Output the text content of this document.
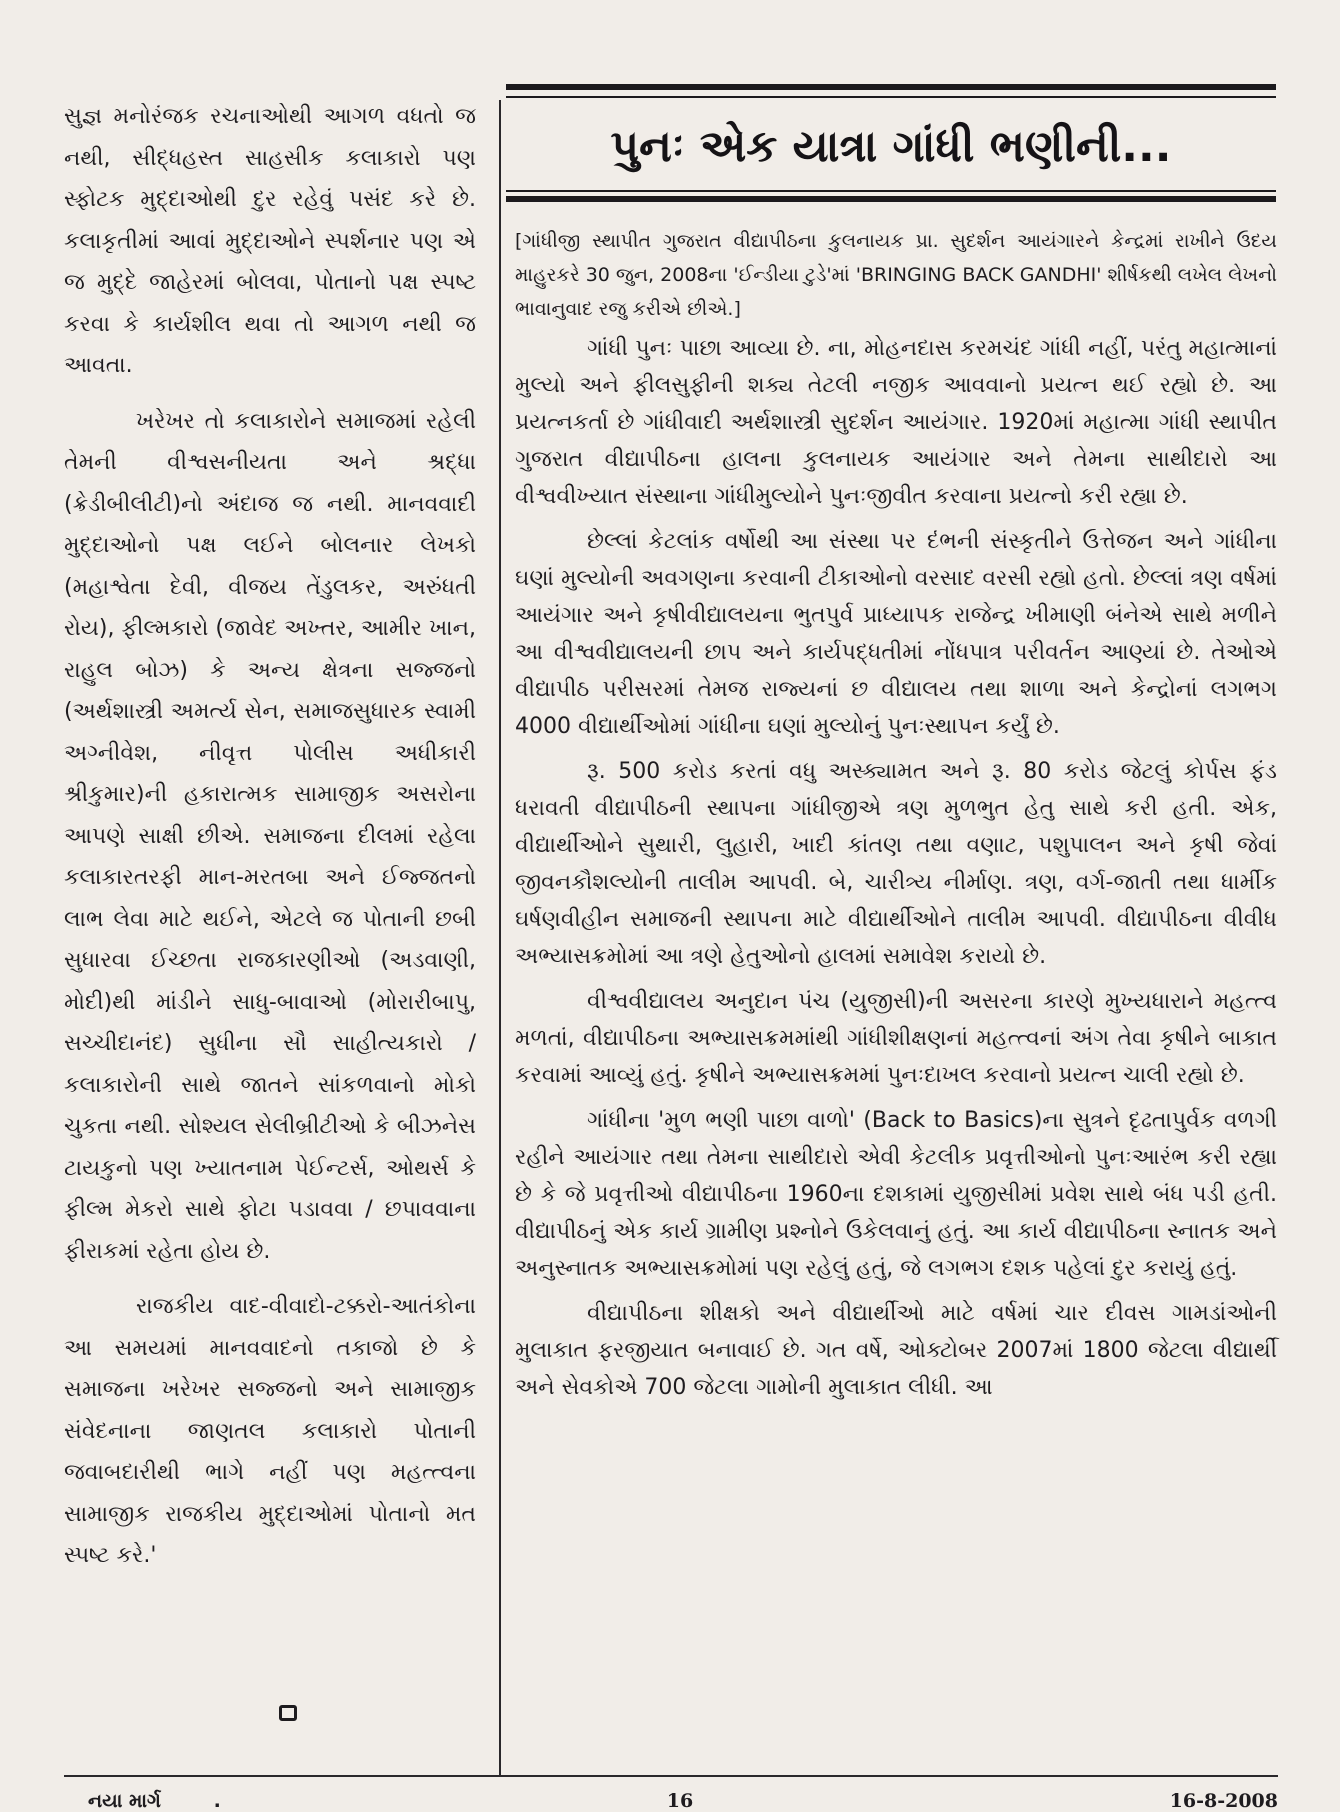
સુજ્ઞ મનોરંજક રચનાઓથી આગળ વધતો જ નથી, સીદ્ધહસ્ત સાહસીક કલાકારો પણ સ્ફોટક મુદ્દાઓથી દુર રહેવું પસંદ કરે છે. કલાકૃતીમાં આવાં મુદ્દાઓને સ્પર્શનાર પણ એ જ મુદ્દે જાહેરમાં બોલવા, પોતાનો પક્ષ સ્પષ્ટ કરવા કે કાર્યશીલ થવા તો આગળ નથી જ આવતા.

ખરેખર તો કલાકારોને સમાજમાં રહેલી તેમની વીશ્વસનીયતા અને શ્રદ્ધા (ક્રેડીબીલીટી)નો અંદાજ જ નથી. માનવવાદી મુદ્દાઓનો પક્ષ લઈને બોલનાર લેખકો (મહાશ્વેતા દેવી, વીજય તેંડુલકર, અરુંધતી રોય), ફીલ્મકારો (જાવેદ અખ્તર, આમીર ખાન, રાહુલ બોઝ) કે અન્ય ક્ષેત્રના સજ્જનો (અર્થશાસ્ત્રી અમર્ત્ય સેન, સમાજસુધારક સ્વામી અગ્નીવેશ, નીવૃત્ત પોલીસ અધીકારી શ્રીકુમાર)ની હકારાત્મક સામાજીક અસરોના આપણે સાક્ષી છીએ. સમાજના દીલમાં રહેલા કલાકારતરફી માન-મરતબા અને ઈજ્જતનો લાભ લેવા માટે થઈને, એટલે જ પોતાની છબી સુધારવા ઈચ્છતા રાજકારણીઓ (અડવાણી, મોદી)થી માંડીને સાધુ-બાવાઓ (મોરારીબાપુ, સચ્ચીદાનંદ) સુધીના સૌ સાહીત્યકારો / કલાકારોની સાથે જાતને સાંકળવાનો મોકો ચુકતા નથી. સોશ્યલ સેલીબ્રીટીઓ કે બીઝનેસ ટાયકુનો પણ ખ્યાતનામ પેઈન્ટર્સ, ઓથર્સ કે ફીલ્મ મેકરો સાથે ફોટા પડાવવા / છપાવવાના ફીરાકમાં રહેતા હોય છે.

રાજકીય વાદ-વીવાદો-ટક્કરો-આતંકોના આ સમયમાં માનવવાદનો તકાજો છે કે સમાજના ખરેખર સજ્જનો અને સામાજીક સંવેદનાના જાણતલ કલાકારો પોતાની જવાબદારીથી ભાગે નહીં પણ મહત્ત્વના સામાજીક રાજકીય મુદ્દાઓમાં પોતાનો મત સ્પષ્ટ કરે.'

પુનઃ એક યાત્રા ગાંધી ભણીની...
[ગાંધીજી સ્થાપીત ગુજરાત વીદ્યાપીઠના કુલનાયક પ્રા. સુદર્શન આયંગારને કેન્દ્રમાં રાખીને ઉદય માહુરકરે 30 જુન, 2008ના 'ઈન્ડીયા ટુડે'માં 'BRINGING BACK GANDHI' શીર્ષકથી લખેલ લેખનો ભાવાનુવાદ રજુ કરીએ છીએ.]

ગાંધી પુનઃ પાછા આવ્યા છે. ના, મોહનદાસ કરમચંદ ગાંધી નહીં, પરંતુ મહાત્માનાં મુલ્યો અને ફીલસુફીની શક્ય તેટલી નજીક આવવાનો પ્રયત્ન થઈ રહ્યો છે. આ પ્રયત્નકર્તા છે ગાંધીવાદી અર્થશાસ્ત્રી સુદર્શન આયંગાર. 1920માં મહાત્મા ગાંધી સ્થાપીત ગુજરાત વીદ્યાપીઠના હાલના કુલનાયક આયંગાર અને તેમના સાથીદારો આ વીશ્વવીખ્યાત સંસ્થાના ગાંધીમુલ્યોને પુનઃજીવીત કરવાના પ્રયત્નો કરી રહ્યા છે.

છેલ્લાં કેટલાંક વર્ષોથી આ સંસ્થા પર દંભની સંસ્કૃતીને ઉત્તેજન અને ગાંધીના ઘણાં મુલ્યોની અવગણના કરવાની ટીકાઓનો વરસાદ વરસી રહ્યો હતો. છેલ્લાં ત્રણ વર્ષમાં આયંગાર અને કૃષીવીદ્યાલયના ભુતપુર્વ પ્રાધ્યાપક રાજેન્દ્ર ખીમાણી બંનેએ સાથે મળીને આ વીશ્વવીદ્યાલયની છાપ અને કાર્યપદ્ધતીમાં નોંધપાત્ર પરીવર્તન આણ્યાં છે. તેઓએ વીદ્યાપીઠ પરીસરમાં તેમજ રાજ્યનાં છ વીદ્યાલય તથા શાળા અને કેન્દ્રોનાં લગભગ 4000 વીદ્યાર્થીઓમાં ગાંધીના ઘણાં મુલ્યોનું પુનઃસ્થાપન કર્યું છે.

રૂ. 500 કરોડ કરતાં વધુ અસ્ક્યામત અને રૂ. 80 કરોડ જેટલું કોર્પસ ફંડ ધરાવતી વીદ્યાપીઠની સ્થાપના ગાંધીજીએ ત્રણ મુળભુત હેતુ સાથે કરી હતી. એક, વીદ્યાર્થીઓને સુથારી, લુહારી, ખાદી કાંતણ તથા વણાટ, પશુપાલન અને કૃષી જેવાં જીવનકૌશલ્યોની તાલીમ આપવી. બે, ચારીત્ર્ય નીર્માણ. ત્રણ, વર્ગ-જાતી તથા ધાર્મીક ઘર્ષણવીહીન સમાજની સ્થાપના માટે વીદ્યાર્થીઓને તાલીમ આપવી. વીદ્યાપીઠના વીવીધ અભ્યાસક્રમોમાં આ ત્રણે હેતુઓનો હાલમાં સમાવેશ કરાયો છે.

વીશ્વવીદ્યાલય અનુદાન પંચ (યુજીસી)ની અસરના કારણે મુખ્યધારાને મહત્ત્વ મળતાં, વીદ્યાપીઠના અભ્યાસક્રમમાંથી ગાંધીશીક્ષણનાં મહત્ત્વનાં અંગ તેવા કૃષીને બાકાત કરવામાં આવ્યું હતું. કૃષીને અભ્યાસક્રમમાં પુનઃદાખલ કરવાનો પ્રયત્ન ચાલી રહ્યો છે.

ગાંધીના 'મુળ ભણી પાછા વાળો' (Back to Basics)ના સુત્રને દૃઢતાપુર્વક વળગી રહીને આયંગાર તથા તેમના સાથીદારો એવી કેટલીક પ્રવૃત્તીઓનો પુનઃઆરંભ કરી રહ્યા છે કે જે પ્રવૃત્તીઓ વીદ્યાપીઠના 1960ના દશકામાં યુજીસીમાં પ્રવેશ સાથે બંધ પડી હતી. વીદ્યાપીઠનું એક કાર્ય ગ્રામીણ પ્રશ્નોને ઉકેલવાનું હતું. આ કાર્ય વીદ્યાપીઠના સ્નાતક અને અનુસ્નાતક અભ્યાસક્રમોમાં પણ રહેલું હતું, જે લગભગ દશક પહેલાં દુર કરાયું હતું.

વીદ્યાપીઠના શીક્ષકો અને વીદ્યાર્થીઓ માટે વર્ષમાં ચાર દીવસ ગામડાંઓની મુલાકાત ફરજીયાત બનાવાઈ છે. ગત વર્ષે, ઓક્ટોબર 2007માં 1800 જેટલા વીદ્યાર્થી અને સેવકોએ 700 જેટલા ગામોની મુલાકાત લીધી. આ

નયા માર્ગ	.	16	16-8-2008
